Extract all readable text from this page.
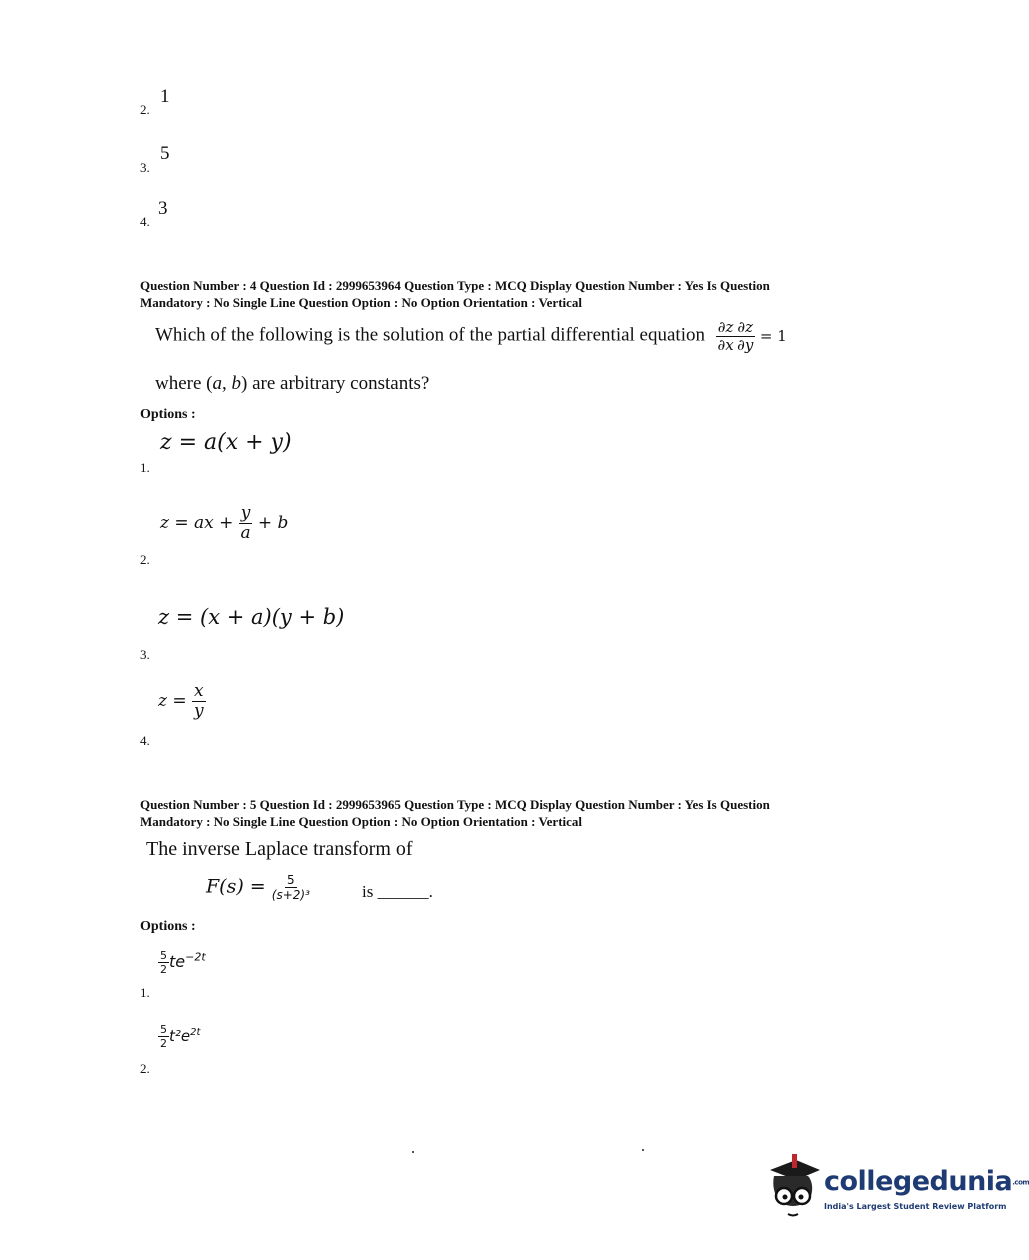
2.
1
3.
5
4.
3
Question Number : 4 Question Id : 2999653964 Question Type : MCQ Display Question Number : Yes Is Question
Mandatory : No Single Line Question Option : No Option Orientation : Vertical
Which of the following is the solution of the partial differential equation $\frac{\partial z}{\partial x} \frac{\partial z}{\partial y} = 1$
where (a, b) are arbitrary constants?
Options :
z = a(x + y)
1.
z = ax + $\frac{y}{a} + b$
2.
z = (x + a)(y + b)
3.
$z = \frac{x}{y}$
4.
Question Number : 5 Question Id : 2999653965 Question Type : MCQ Display Question Number : Yes Is Question
Mandatory : No Single Line Question Option : No Option Orientation : Vertical
The inverse Laplace transform of
$F(s) = \frac{5}{\text{(s+2)³}}$	is ______.
Options :
$\frac{5}{2} te^{-2t}$
1.
$\frac{5}{2} t^2e^{2t}$
2.
collegedunia.com
India's Largest Student Review Platform
